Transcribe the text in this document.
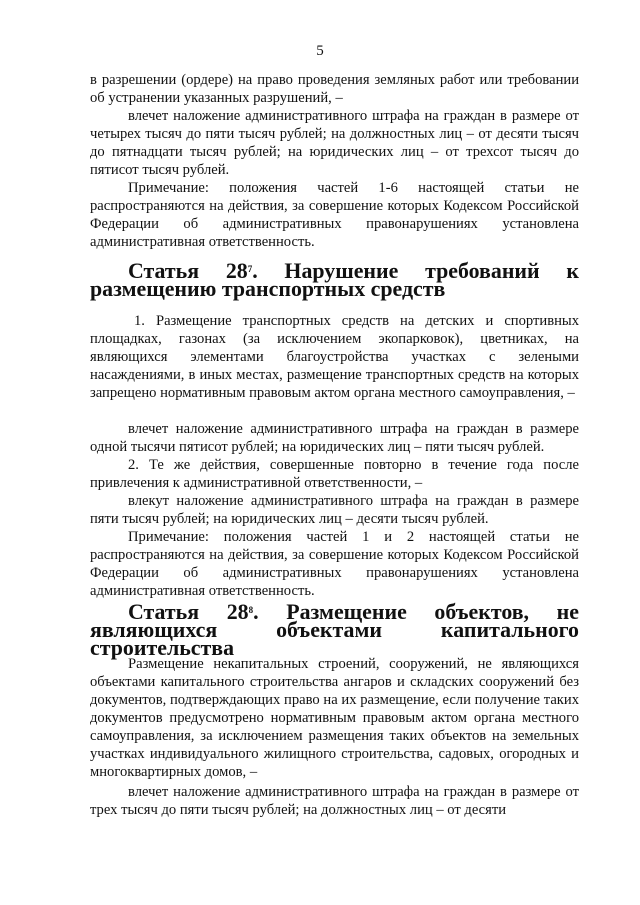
5

в разрешении (ордере) на право проведения земляных работ или требовании об устранении указанных разрушений, –

влечет наложение административного штрафа на граждан в размере от четырех тысяч до пяти тысяч рублей; на должностных лиц – от десяти тысяч до пятнадцати тысяч рублей; на юридических лиц – от трехсот тысяч до пятисот тысяч рублей.

Примечание: положения частей 1-6 настоящей статьи не распространяются на действия, за совершение которых Кодексом Российской Федерации об административных правонарушениях установлена административная ответственность.

Статья $28^7$. Нарушение требований к размещению транспортных средств

1. Размещение транспортных средств на детских и спортивных площадках, газонах (за исключением экопарковок), цветниках, на являющихся элементами благоустройства участках с зелеными насаждениями, в иных местах, размещение транспортных средств на которых запрещено нормативным правовым актом органа местного самоуправления, –

влечет наложение административного штрафа на граждан в размере одной тысячи пятисот рублей; на юридических лиц – пяти тысяч рублей.

2. Те же действия, совершенные повторно в течение года после привлечения к административной ответственности, –

влекут наложение административного штрафа на граждан в размере пяти тысяч рублей; на юридических лиц – десяти тысяч рублей.

Примечание: положения частей 1 и 2 настоящей статьи не распространяются на действия, за совершение которых Кодексом Российской Федерации об административных правонарушениях установлена административная ответственность.

Статья $28^8$. Размещение объектов, не являющихся объектами капитального строительства

Размещение некапитальных строений, сооружений, не являющихся объектами капитального строительства ангаров и складских сооружений без документов, подтверждающих право на их размещение, если получение таких документов предусмотрено нормативным правовым актом органа местного самоуправления, за исключением размещения таких объектов на земельных участках индивидуального жилищного строительства, садовых, огородных и многоквартирных домов, –

влечет наложение административного штрафа на граждан в размере от трех тысяч до пяти тысяч рублей; на должностных лиц – от десяти
